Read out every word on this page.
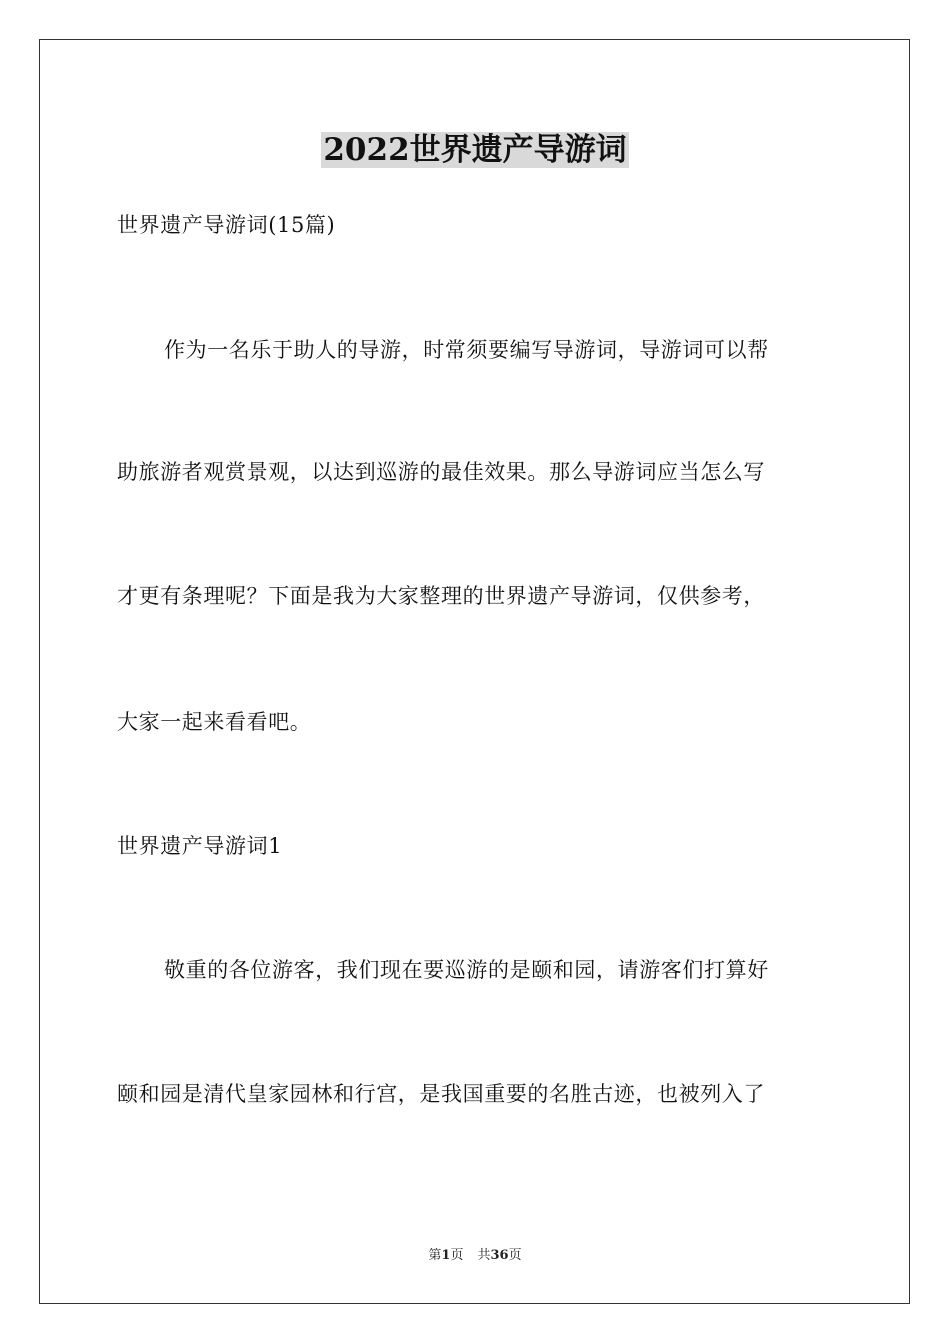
2022世界遗产导游词
世界遗产导游词(15篇)
作为一名乐于助人的导游，时常须要编写导游词，导游词可以帮
助旅游者观赏景观，以达到巡游的最佳效果。那么导游词应当怎么写
才更有条理呢？下面是我为大家整理的世界遗产导游词，仅供参考，
大家一起来看看吧。
世界遗产导游词1
敬重的各位游客，我们现在要巡游的是颐和园，请游客们打算好
颐和园是清代皇家园林和行宫，是我国重要的名胜古迹，也被列入了
第1页 共36页
